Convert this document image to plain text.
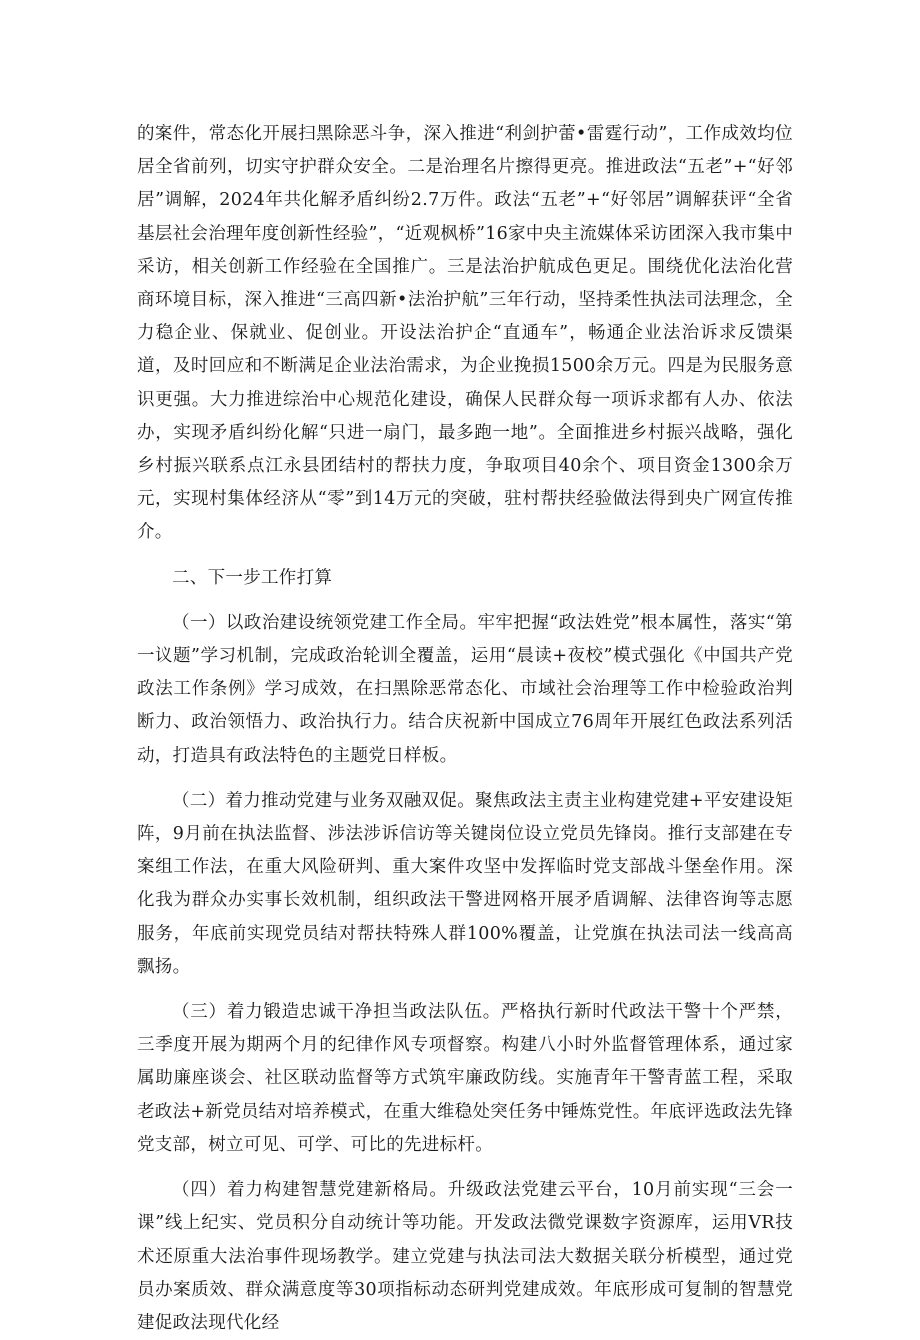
的案件，常态化开展扫黑除恶斗争，深入推进“利剑护蕾•雷霆行动”，工作成效均位居全省前列，切实守护群众安全。二是治理名片擦得更亮。推进政法“五老”+“好邻居”调解，2024年共化解矛盾纠纷2.7万件。政法“五老”+“好邻居”调解获评“全省基层社会治理年度创新性经验”，“近观枫桥”16家中央主流媒体采访团深入我市集中采访，相关创新工作经验在全国推广。三是法治护航成色更足。围绕优化法治化营商环境目标，深入推进“三高四新•法治护航”三年行动，坚持柔性执法司法理念，全力稳企业、保就业、促创业。开设法治护企“直通车”，畅通企业法治诉求反馈渠道，及时回应和不断满足企业法治需求，为企业挽损1500余万元。四是为民服务意识更强。大力推进综治中心规范化建设，确保人民群众每一项诉求都有人办、依法办，实现矛盾纠纷化解“只进一扇门，最多跑一地”。全面推进乡村振兴战略，强化乡村振兴联系点江永县团结村的帮扶力度，争取项目40余个、项目资金1300余万元，实现村集体经济从“零”到14万元的突破，驻村帮扶经验做法得到央广网宣传推介。

二、下一步工作打算

（一）以政治建设统领党建工作全局。牢牢把握“政法姓党”根本属性，落实“第一议题”学习机制，完成政治轮训全覆盖，运用“晨读+夜校”模式强化《中国共产党政法工作条例》学习成效，在扫黑除恶常态化、市域社会治理等工作中检验政治判断力、政治领悟力、政治执行力。结合庆祝新中国成立76周年开展红色政法系列活动，打造具有政法特色的主题党日样板。

（二）着力推动党建与业务双融双促。聚焦政法主责主业构建党建+平安建设矩阵，9月前在执法监督、涉法涉诉信访等关键岗位设立党员先锋岗。推行支部建在专案组工作法，在重大风险研判、重大案件攻坚中发挥临时党支部战斗堡垒作用。深化我为群众办实事长效机制，组织政法干警进网格开展矛盾调解、法律咨询等志愿服务，年底前实现党员结对帮扶特殊人群100%覆盖，让党旗在执法司法一线高高飘扬。

（三）着力锻造忠诚干净担当政法队伍。严格执行新时代政法干警十个严禁，三季度开展为期两个月的纪律作风专项督察。构建八小时外监督管理体系，通过家属助廉座谈会、社区联动监督等方式筑牢廉政防线。实施青年干警青蓝工程，采取老政法+新党员结对培养模式，在重大维稳处突任务中锤炼党性。年底评选政法先锋党支部，树立可见、可学、可比的先进标杆。

（四）着力构建智慧党建新格局。升级政法党建云平台，10月前实现“三会一课”线上纪实、党员积分自动统计等功能。开发政法微党课数字资源库，运用VR技术还原重大法治事件现场教学。建立党建与执法司法大数据关联分析模型，通过党员办案质效、群众满意度等30项指标动态研判党建成效。年底形成可复制的智慧党建促政法现代化经
